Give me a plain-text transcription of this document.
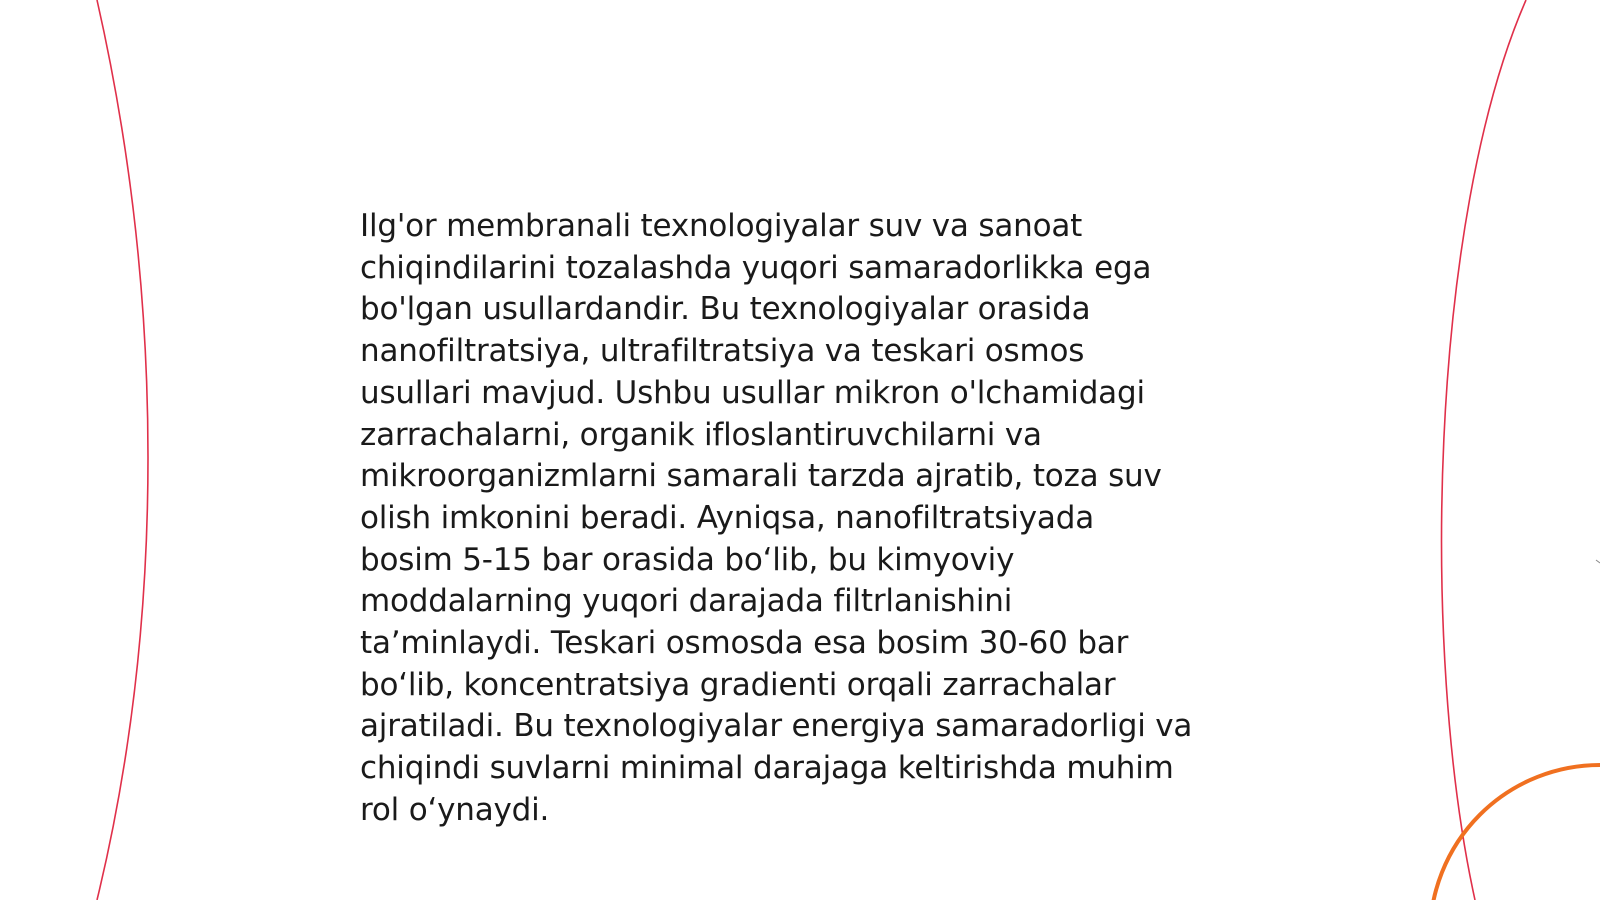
Ilg'or membranali texnologiyalar suv va sanoat
chiqindilarini tozalashda yuqori samaradorlikka ega
bo'lgan usullardandir. Bu texnologiyalar orasida
nanofiltratsiya, ultrafiltratsiya va teskari osmos
usullari mavjud. Ushbu usullar mikron o'lchamidagi
zarrachalarni, organik ifloslantiruvchilarni va
mikroorganizmlarni samarali tarzda ajratib, toza suv
olish imkonini beradi. Ayniqsa, nanofiltratsiyada
bosim 5-15 bar orasida bo‘lib, bu kimyoviy
moddalarning yuqori darajada filtrlanishini
ta’minlaydi. Teskari osmosda esa bosim 30-60 bar
bo‘lib, koncentratsiya gradienti orqali zarrachalar
ajratiladi. Bu texnologiyalar energiya samaradorligi va
chiqindi suvlarni minimal darajaga keltirishda muhim
rol o‘ynaydi.
